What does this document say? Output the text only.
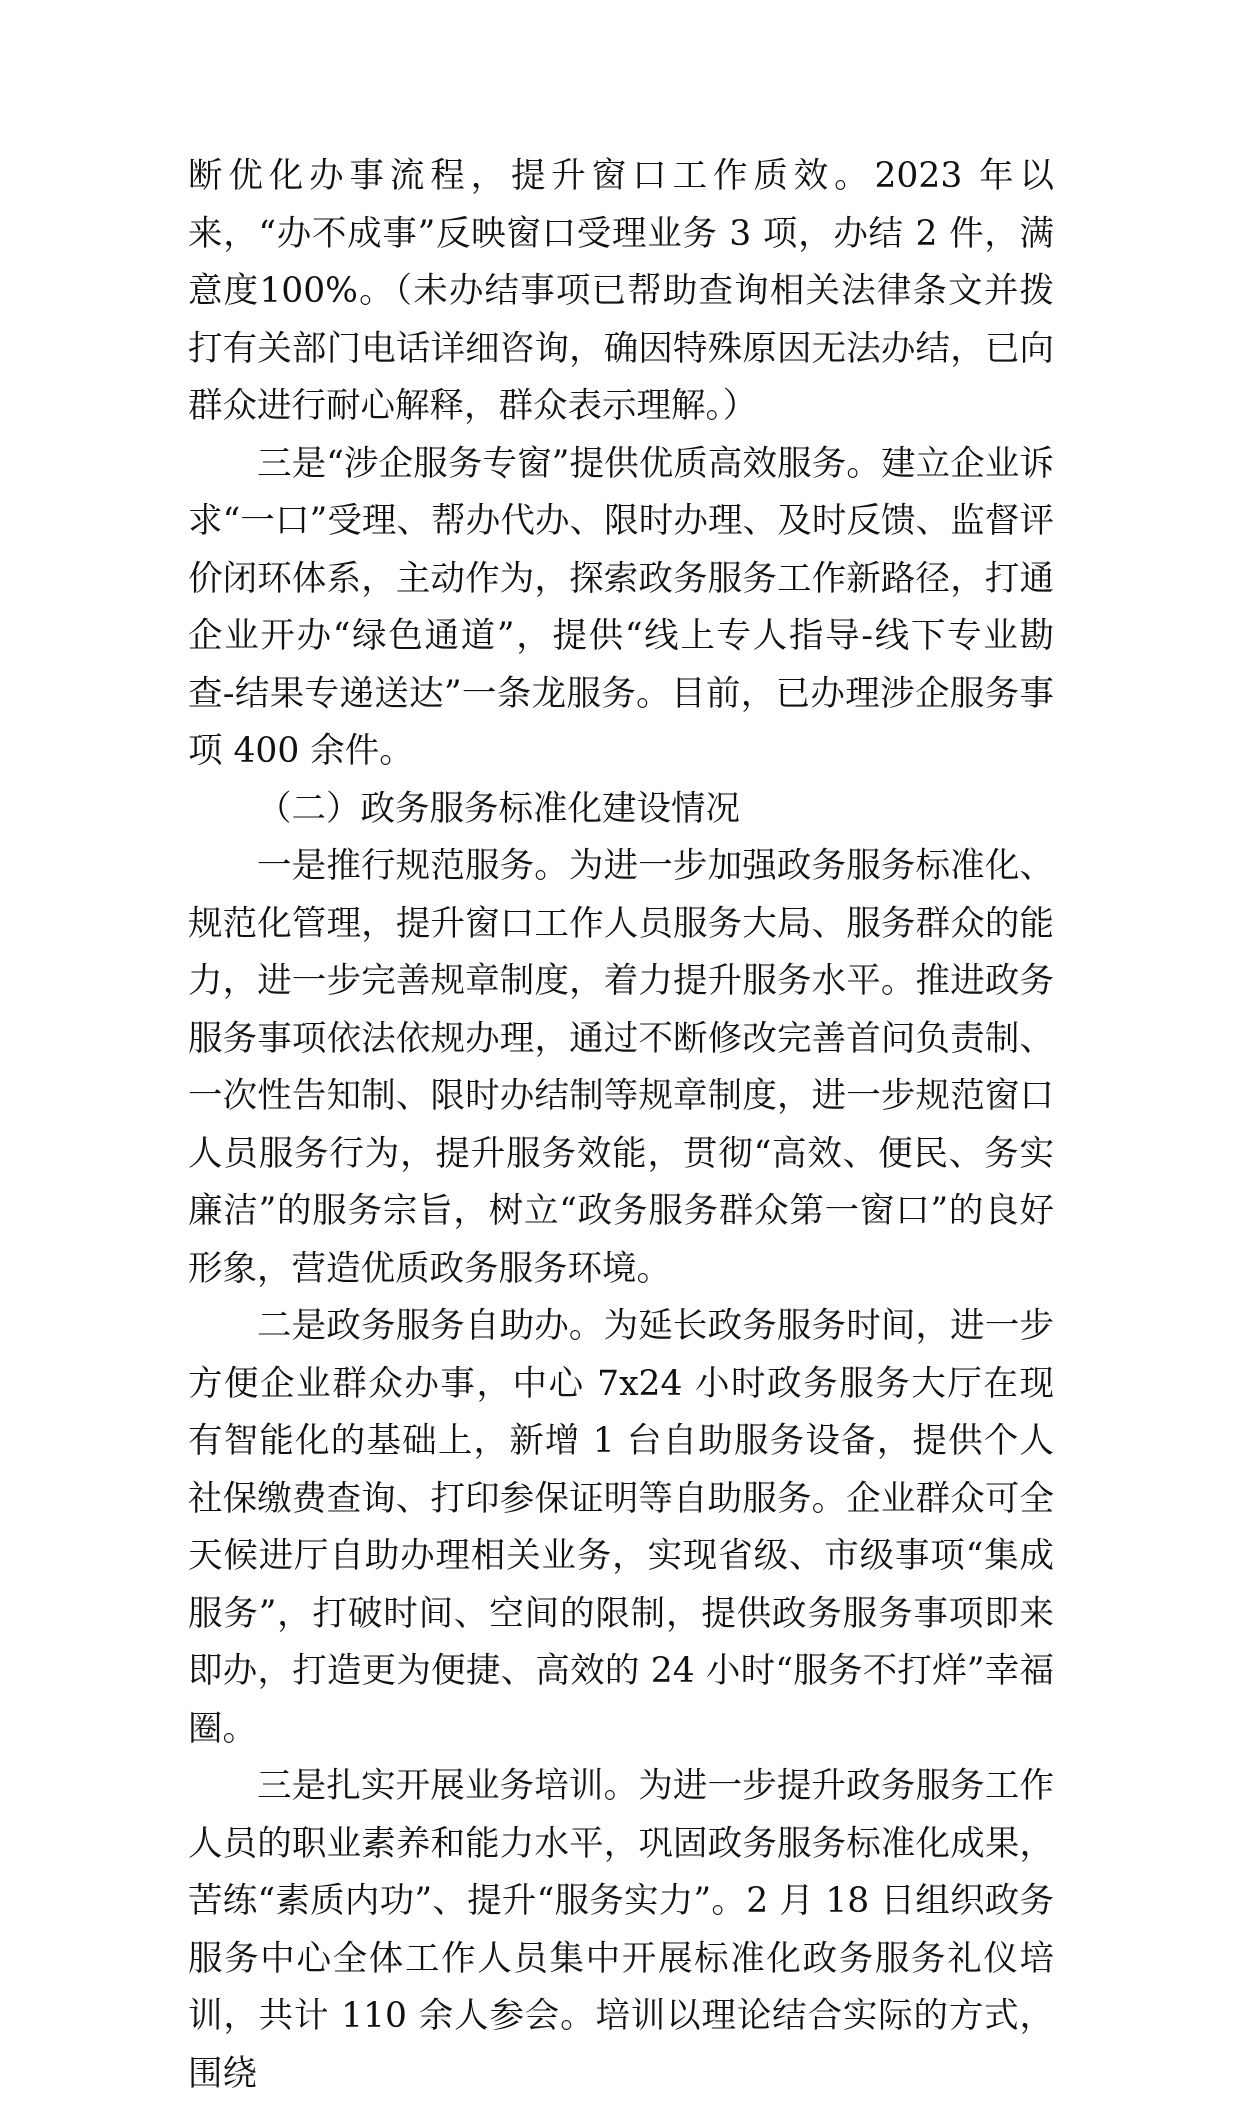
断优化办事流程，提升窗口工作质效。2023 年以来，“办不成事”反映窗口受理业务 3 项，办结 2 件，满意度100%。（未办结事项已帮助查询相关法律条文并拨打有关部门电话详细咨询，确因特殊原因无法办结，已向群众进行耐心解释，群众表示理解。）

三是“涉企服务专窗”提供优质高效服务。建立企业诉求“一口”受理、帮办代办、限时办理、及时反馈、监督评价闭环体系，主动作为，探索政务服务工作新路径，打通企业开办“绿色通道”，提供“线上专人指导-线下专业勘查-结果专递送达”一条龙服务。目前，已办理涉企服务事项 400 余件。

（二）政务服务标准化建设情况

一是推行规范服务。为进一步加强政务服务标准化、规范化管理，提升窗口工作人员服务大局、服务群众的能力，进一步完善规章制度，着力提升服务水平。推进政务服务事项依法依规办理，通过不断修改完善首问负责制、一次性告知制、限时办结制等规章制度，进一步规范窗口人员服务行为，提升服务效能，贯彻“高效、便民、务实廉洁”的服务宗旨，树立“政务服务群众第一窗口”的良好形象，营造优质政务服务环境。

二是政务服务自助办。为延长政务服务时间，进一步方便企业群众办事，中心 7x24 小时政务服务大厅在现有智能化的基础上，新增 1 台自助服务设备，提供个人社保缴费查询、打印参保证明等自助服务。企业群众可全天候进厅自助办理相关业务，实现省级、市级事项“集成服务”，打破时间、空间的限制，提供政务服务事项即来即办，打造更为便捷、高效的 24 小时“服务不打烊”幸福圈。

三是扎实开展业务培训。为进一步提升政务服务工作人员的职业素养和能力水平，巩固政务服务标准化成果，苦练“素质内功”、提升“服务实力”。2 月 18 日组织政务服务中心全体工作人员集中开展标准化政务服务礼仪培训，共计 110 余人参会。培训以理论结合实际的方式，围绕
